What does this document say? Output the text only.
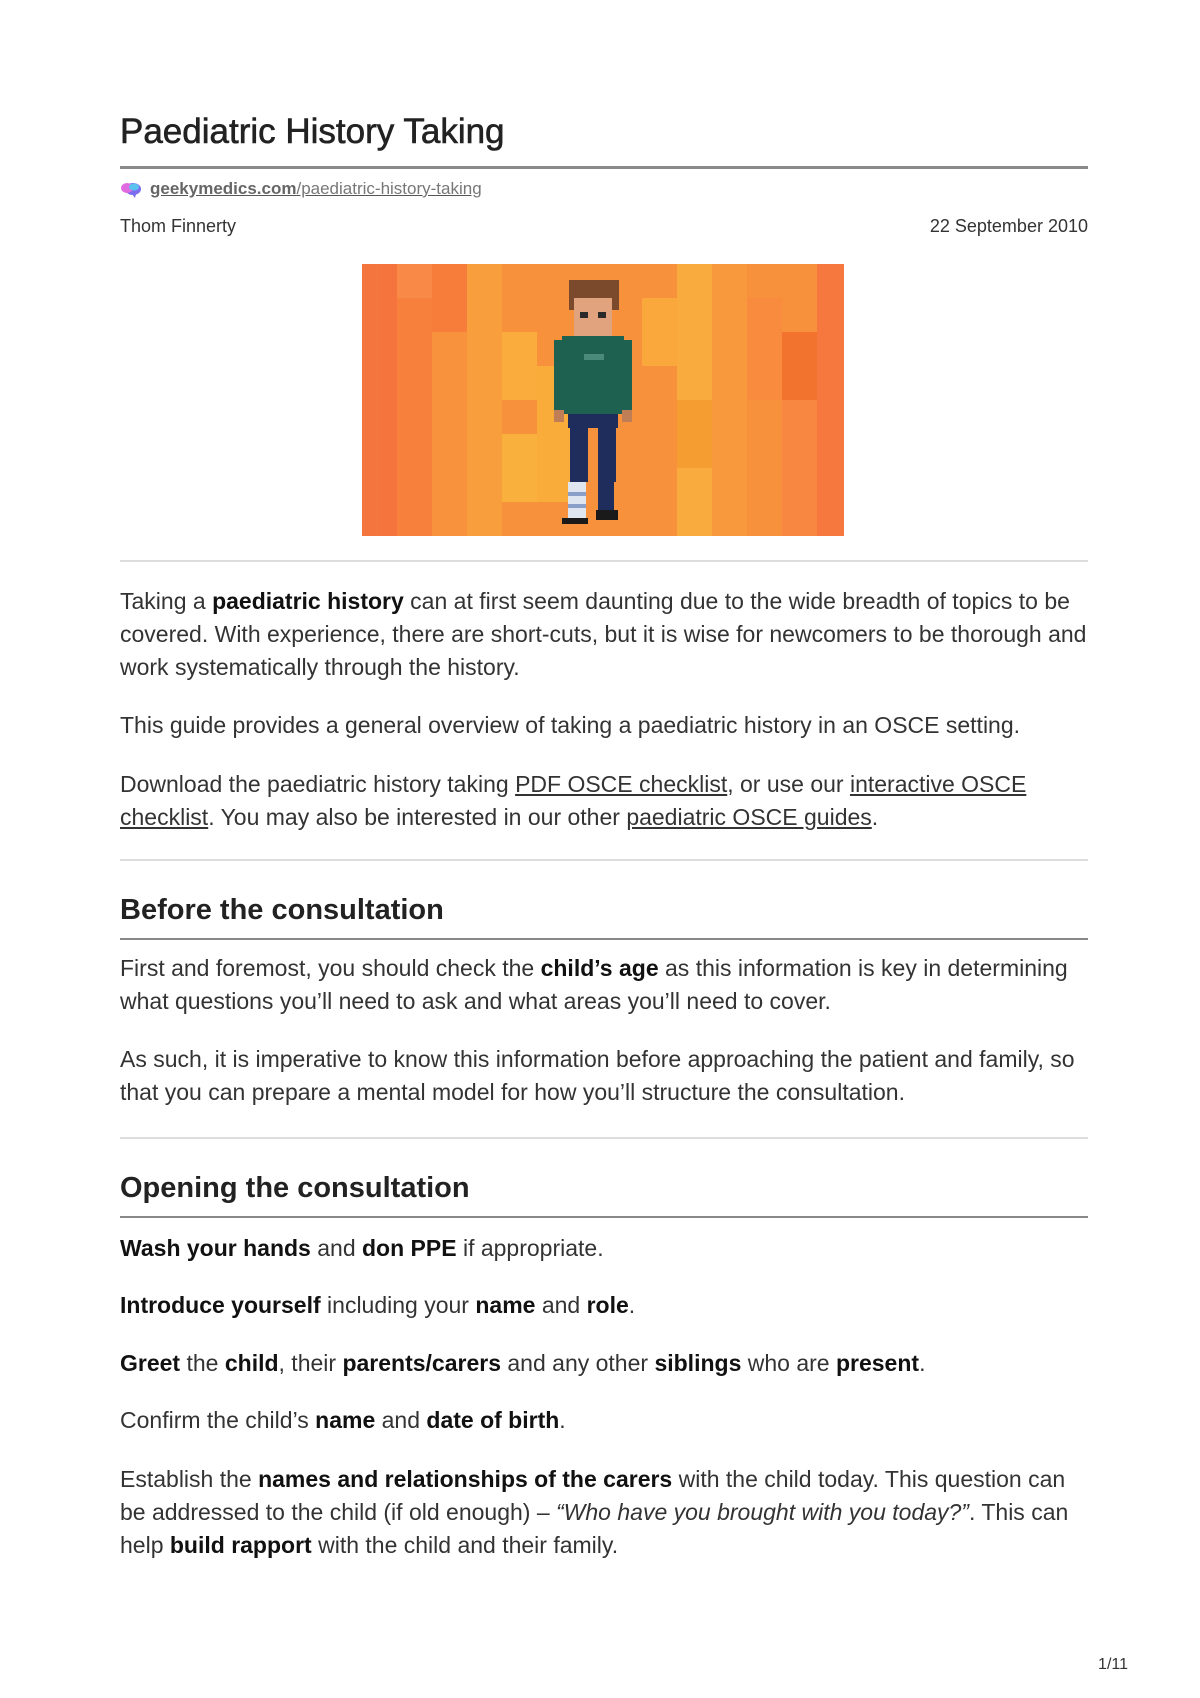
Paediatric History Taking
geekymedics.com/paediatric-history-taking
Thom Finnerty	22 September 2010

Taking a paediatric history can at first seem daunting due to the wide breadth of topics to be covered. With experience, there are short-cuts, but it is wise for newcomers to be thorough and work systematically through the history.

This guide provides a general overview of taking a paediatric history in an OSCE setting.

Download the paediatric history taking PDF OSCE checklist, or use our interactive OSCE checklist. You may also be interested in our other paediatric OSCE guides.

Before the consultation

First and foremost, you should check the child’s age as this information is key in determining what questions you’ll need to ask and what areas you’ll need to cover.

As such, it is imperative to know this information before approaching the patient and family, so that you can prepare a mental model for how you’ll structure the consultation.

Opening the consultation

Wash your hands and don PPE if appropriate.

Introduce yourself including your name and role.

Greet the child, their parents/carers and any other siblings who are present.

Confirm the child’s name and date of birth.

Establish the names and relationships of the carers with the child today. This question can be addressed to the child (if old enough) – “Who have you brought with you today?”. This can help build rapport with the child and their family.

1/11
